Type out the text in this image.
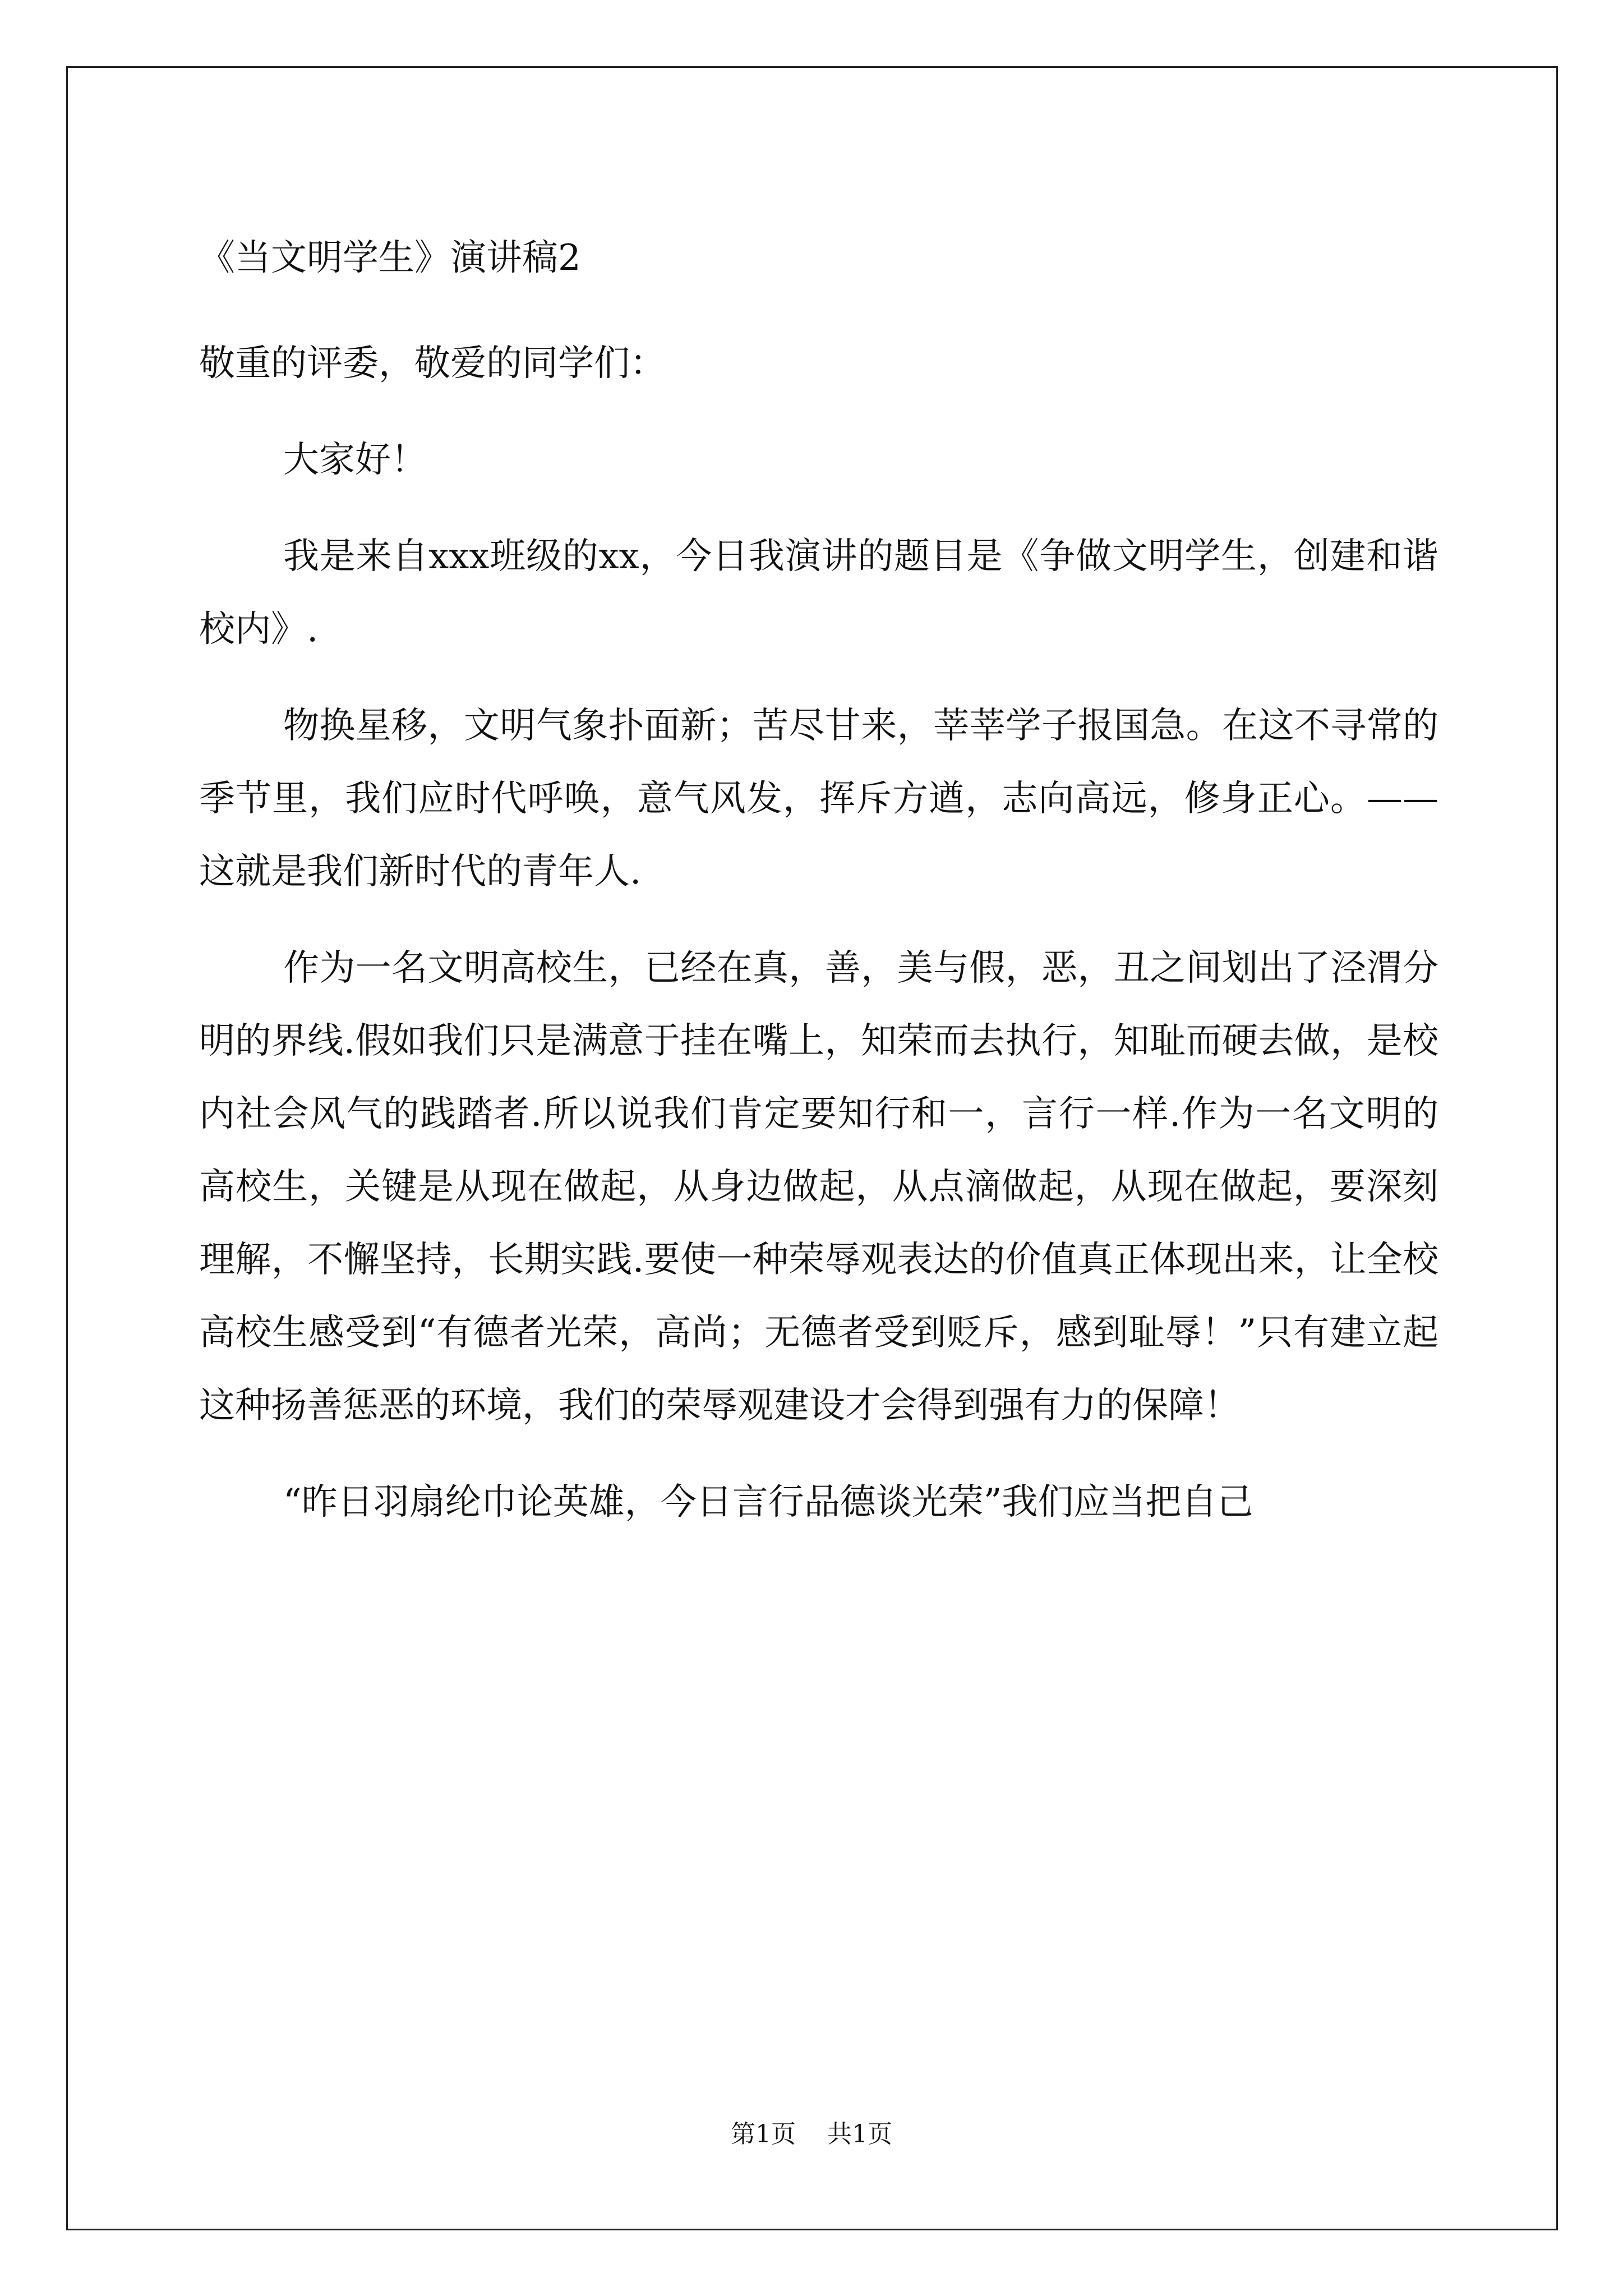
《当文明学生》演讲稿2

敬重的评委，敬爱的同学们：

大家好！

我是来自xxx班级的xx，今日我演讲的题目是《争做文明学生，创建和谐校内》.

物换星移，文明气象扑面新；苦尽甘来，莘莘学子报国急。在这不寻常的季节里，我们应时代呼唤，意气风发，挥斥方遒，志向高远，修身正心。——这就是我们新时代的青年人.

作为一名文明高校生，已经在真，善，美与假，恶，丑之间划出了泾渭分明的界线.假如我们只是满意于挂在嘴上，知荣而去执行，知耻而硬去做，是校内社会风气的践踏者.所以说我们肯定要知行和一，言行一样.作为一名文明的高校生，关键是从现在做起，从身边做起，从点滴做起，从现在做起，要深刻理解，不懈坚持，长期实践.要使一种荣辱观表达的价值真正体现出来，让全校高校生感受到“有德者光荣，高尚；无德者受到贬斥，感到耻辱！”只有建立起这种扬善惩恶的环境，我们的荣辱观建设才会得到强有力的保障！

“昨日羽扇纶巾论英雄，今日言行品德谈光荣”我们应当把自己

第1页 共1页
